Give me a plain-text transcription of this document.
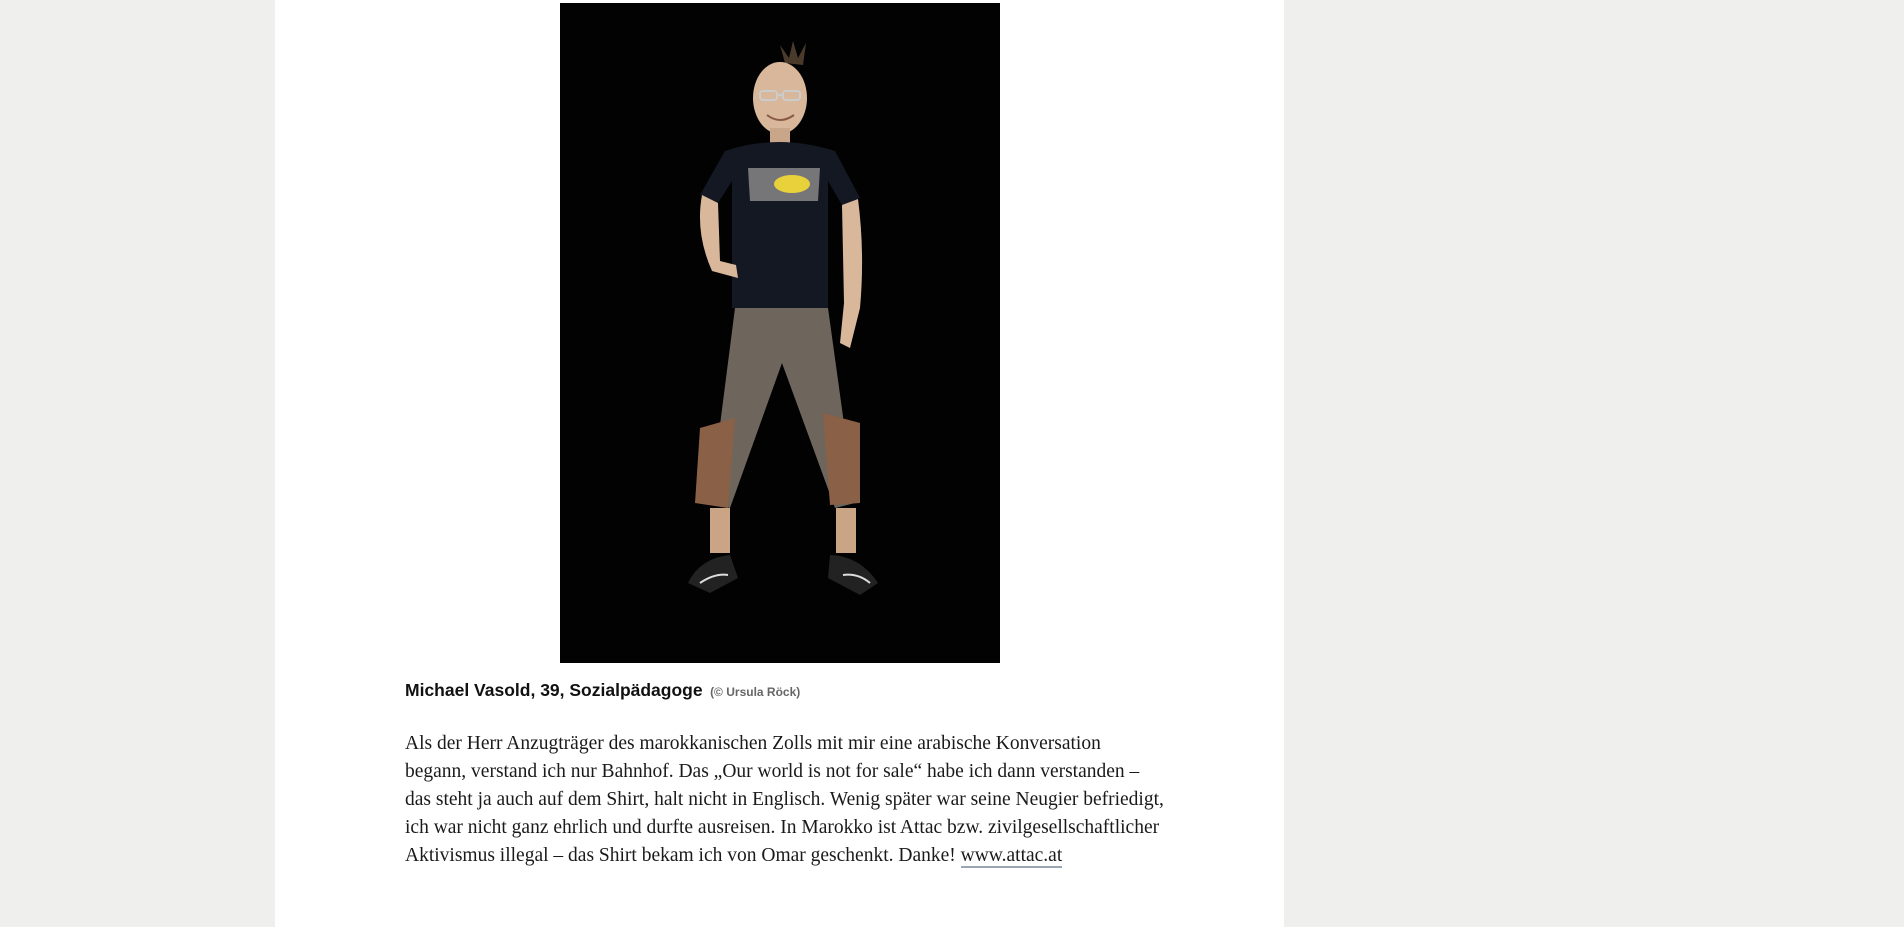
Michael Vasold, 39, Sozialpädagoge (© Ursula Röck)

Als der Herr Anzugträger des marokkanischen Zolls mit mir eine arabische Konversation begann, verstand ich nur Bahnhof. Das „Our world is not for sale“ habe ich dann verstanden – das steht ja auch auf dem Shirt, halt nicht in Englisch. Wenig später war seine Neugier befriedigt, ich war nicht ganz ehrlich und durfte ausreisen. In Marokko ist Attac bzw. zivilgesellschaftlicher Aktivismus illegal – das Shirt bekam ich von Omar geschenkt. Danke! www.attac.at
